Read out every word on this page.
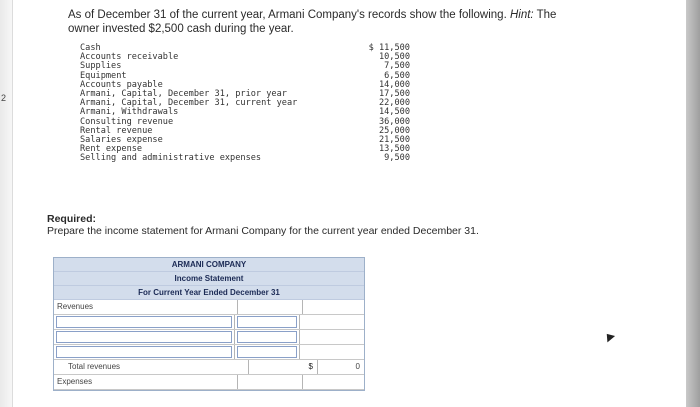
2
As of December 31 of the current year, Armani Company's records show the following. Hint: The owner invested $2,500 cash during the year.
Cash	$ 11,500
Accounts receivable	10,500
Supplies	7,500
Equipment	6,500
Accounts payable	14,000
Armani, Capital, December 31, prior year	17,500
Armani, Capital, December 31, current year	22,000
Armani, Withdrawals	14,500
Consulting revenue	36,000
Rental revenue	25,000
Salaries expense	21,500
Rent expense	13,500
Selling and administrative expenses	9,500
Required:
Prepare the income statement for Armani Company for the current year ended December 31.
ARMANI COMPANY
Income Statement
For Current Year Ended December 31
Revenues
Total revenues	$	0
Expenses
